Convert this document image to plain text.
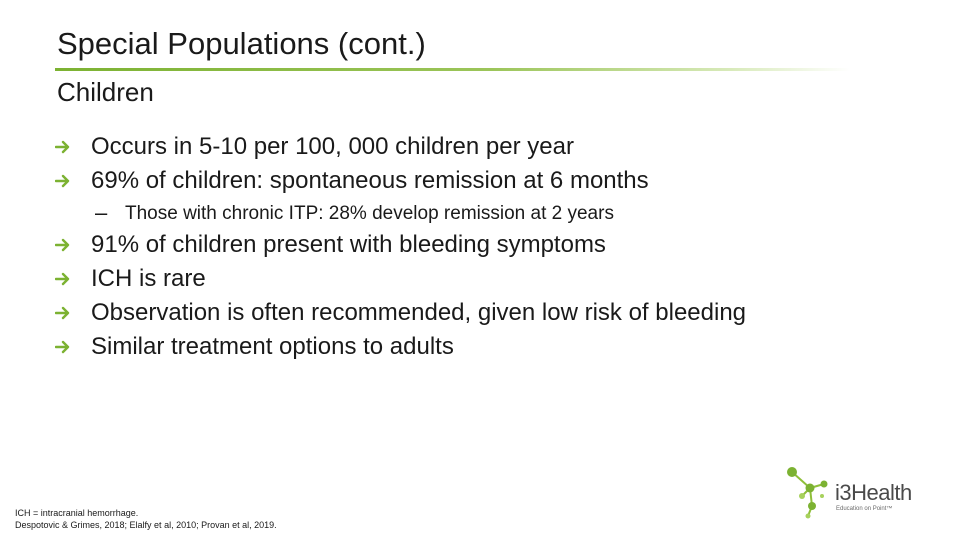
Special Populations (cont.)
Children
Occurs in 5-10 per 100, 000 children per year
69% of children: spontaneous remission at 6 months
– Those with chronic ITP: 28% develop remission at 2 years
91% of children present with bleeding symptoms
ICH is rare
Observation is often recommended, given low risk of bleeding
Similar treatment options to adults
ICH = intracranial hemorrhage.
Despotovic & Grimes, 2018; Elalfy et al, 2010; Provan et al, 2019.
i3Health
Education on Point™
